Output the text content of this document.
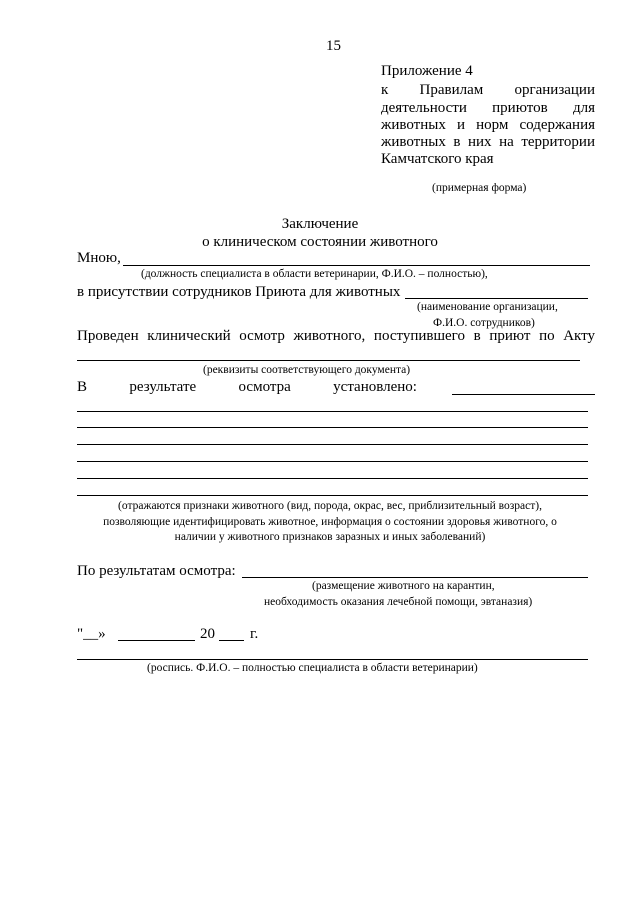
15
Приложение 4
к Правилам организации
деятельности приютов для
животных и норм содержания
животных в них на территории
Камчатского края
(примерная форма)
Заключение
о клиническом состоянии животного
Мною,
(должность специалиста в области ветеринарии, Ф.И.О. – полностью),
в присутствии сотрудников Приюта для животных
(наименование организации,
Ф.И.О. сотрудников)
Проведен клинический осмотр животного, поступившего в приют по Акту
(реквизиты соответствующего документа)
В	результате	осмотра	установлено:
(отражаются признаки животного (вид, порода, окрас, вес, приблизительный возраст),
позволяющие идентифицировать животное, информация о состоянии здоровья животного, о
наличии у животного признаков заразных и иных заболеваний)
По результатам осмотра:
(размещение животного на карантин,
необходимость оказания лечебной помощи, эвтаназия)
"__»	20 г.
(роспись. Ф.И.О. – полностью специалиста в области ветеринарии)
